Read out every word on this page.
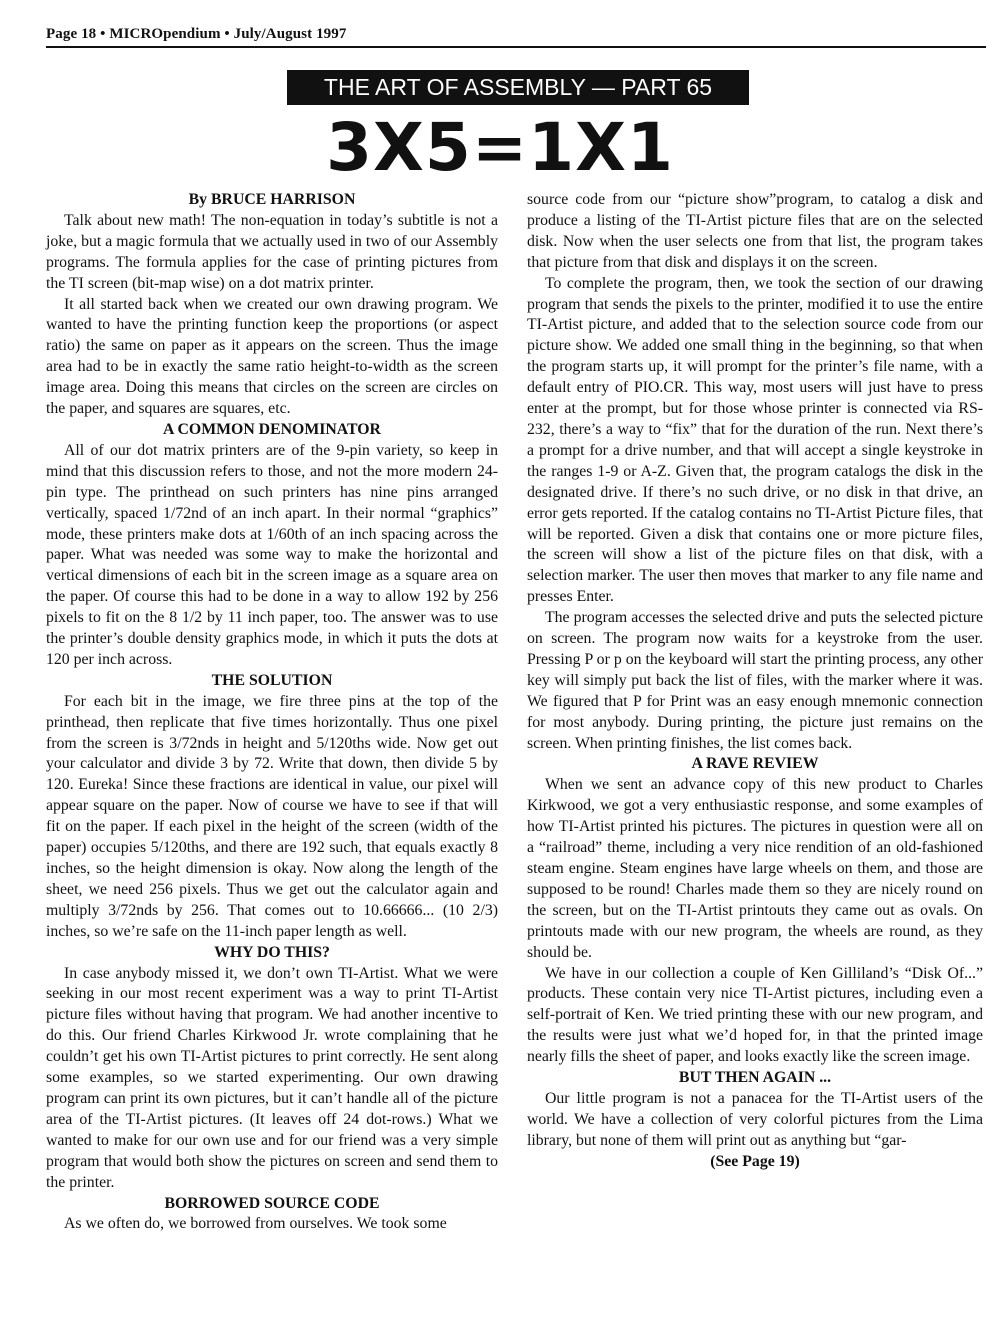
Page 18 • MICROpendium • July/August 1997
THE ART OF ASSEMBLY — PART 65
3X5=1X1

By BRUCE HARRISON

Talk about new math! The non-equation in today’s subtitle is not a joke, but a magic formula that we actually used in two of our Assembly programs. The formula applies for the case of printing pictures from the TI screen (bit-map wise) on a dot matrix printer.

It all started back when we created our own drawing program. We wanted to have the printing function keep the proportions (or aspect ratio) the same on paper as it appears on the screen. Thus the image area had to be in exactly the same ratio height-to-width as the screen image area. Doing this means that circles on the screen are circles on the paper, and squares are squares, etc.

A COMMON DENOMINATOR

All of our dot matrix printers are of the 9-pin variety, so keep in mind that this discussion refers to those, and not the more modern 24-pin type. The printhead on such printers has nine pins arranged vertically, spaced 1/72nd of an inch apart. In their normal “graphics” mode, these printers make dots at 1/60th of an inch spacing across the paper. What was needed was some way to make the horizontal and vertical dimensions of each bit in the screen image as a square area on the paper. Of course this had to be done in a way to allow 192 by 256 pixels to fit on the 8 1/2 by 11 inch paper, too. The answer was to use the printer’s double density graphics mode, in which it puts the dots at 120 per inch across.

THE SOLUTION

For each bit in the image, we fire three pins at the top of the printhead, then replicate that five times horizontally. Thus one pixel from the screen is 3/72nds in height and 5/120ths wide. Now get out your calculator and divide 3 by 72. Write that down, then divide 5 by 120. Eureka! Since these fractions are identical in value, our pixel will appear square on the paper. Now of course we have to see if that will fit on the paper. If each pixel in the height of the screen (width of the paper) occupies 5/120ths, and there are 192 such, that equals exactly 8 inches, so the height dimension is okay. Now along the length of the sheet, we need 256 pixels. Thus we get out the calculator again and multiply 3/72nds by 256. That comes out to 10.66666... (10 2/3) inches, so we’re safe on the 11-inch paper length as well.

WHY DO THIS?

In case anybody missed it, we don’t own TI-Artist. What we were seeking in our most recent experiment was a way to print TI-Artist picture files without having that program. We had another incentive to do this. Our friend Charles Kirkwood Jr. wrote complaining that he couldn’t get his own TI-Artist pictures to print correctly. He sent along some examples, so we started experimenting. Our own drawing program can print its own pictures, but it can’t handle all of the picture area of the TI-Artist pictures. (It leaves off 24 dot-rows.) What we wanted to make for our own use and for our friend was a very simple program that would both show the pictures on screen and send them to the printer.

BORROWED SOURCE CODE

As we often do, we borrowed from ourselves. We took some

source code from our “picture show”program, to catalog a disk and produce a listing of the TI-Artist picture files that are on the selected disk. Now when the user selects one from that list, the program takes that picture from that disk and displays it on the screen.

To complete the program, then, we took the section of our drawing program that sends the pixels to the printer, modified it to use the entire TI-Artist picture, and added that to the selection source code from our picture show. We added one small thing in the beginning, so that when the program starts up, it will prompt for the printer’s file name, with a default entry of PIO.CR. This way, most users will just have to press enter at the prompt, but for those whose printer is connected via RS-232, there’s a way to “fix” that for the duration of the run. Next there’s a prompt for a drive number, and that will accept a single keystroke in the ranges 1-9 or A-Z. Given that, the program catalogs the disk in the designated drive. If there’s no such drive, or no disk in that drive, an error gets reported. If the catalog contains no TI-Artist Picture files, that will be reported. Given a disk that contains one or more picture files, the screen will show a list of the picture files on that disk, with a selection marker. The user then moves that marker to any file name and presses Enter.

The program accesses the selected drive and puts the selected picture on screen. The program now waits for a keystroke from the user. Pressing P or p on the keyboard will start the printing process, any other key will simply put back the list of files, with the marker where it was. We figured that P for Print was an easy enough mnemonic connection for most anybody. During printing, the picture just remains on the screen. When printing finishes, the list comes back.

A RAVE REVIEW

When we sent an advance copy of this new product to Charles Kirkwood, we got a very enthusiastic response, and some examples of how TI-Artist printed his pictures. The pictures in question were all on a “railroad” theme, including a very nice rendition of an old-fashioned steam engine. Steam engines have large wheels on them, and those are supposed to be round! Charles made them so they are nicely round on the screen, but on the TI-Artist printouts they came out as ovals. On printouts made with our new program, the wheels are round, as they should be.

We have in our collection a couple of Ken Gilliland’s “Disk Of...” products. These contain very nice TI-Artist pictures, including even a self-portrait of Ken. We tried printing these with our new program, and the results were just what we’d hoped for, in that the printed image nearly fills the sheet of paper, and looks exactly like the screen image.

BUT THEN AGAIN ...

Our little program is not a panacea for the TI-Artist users of the world. We have a collection of very colorful pictures from the Lima library, but none of them will print out as anything but “gar-

(See Page 19)
